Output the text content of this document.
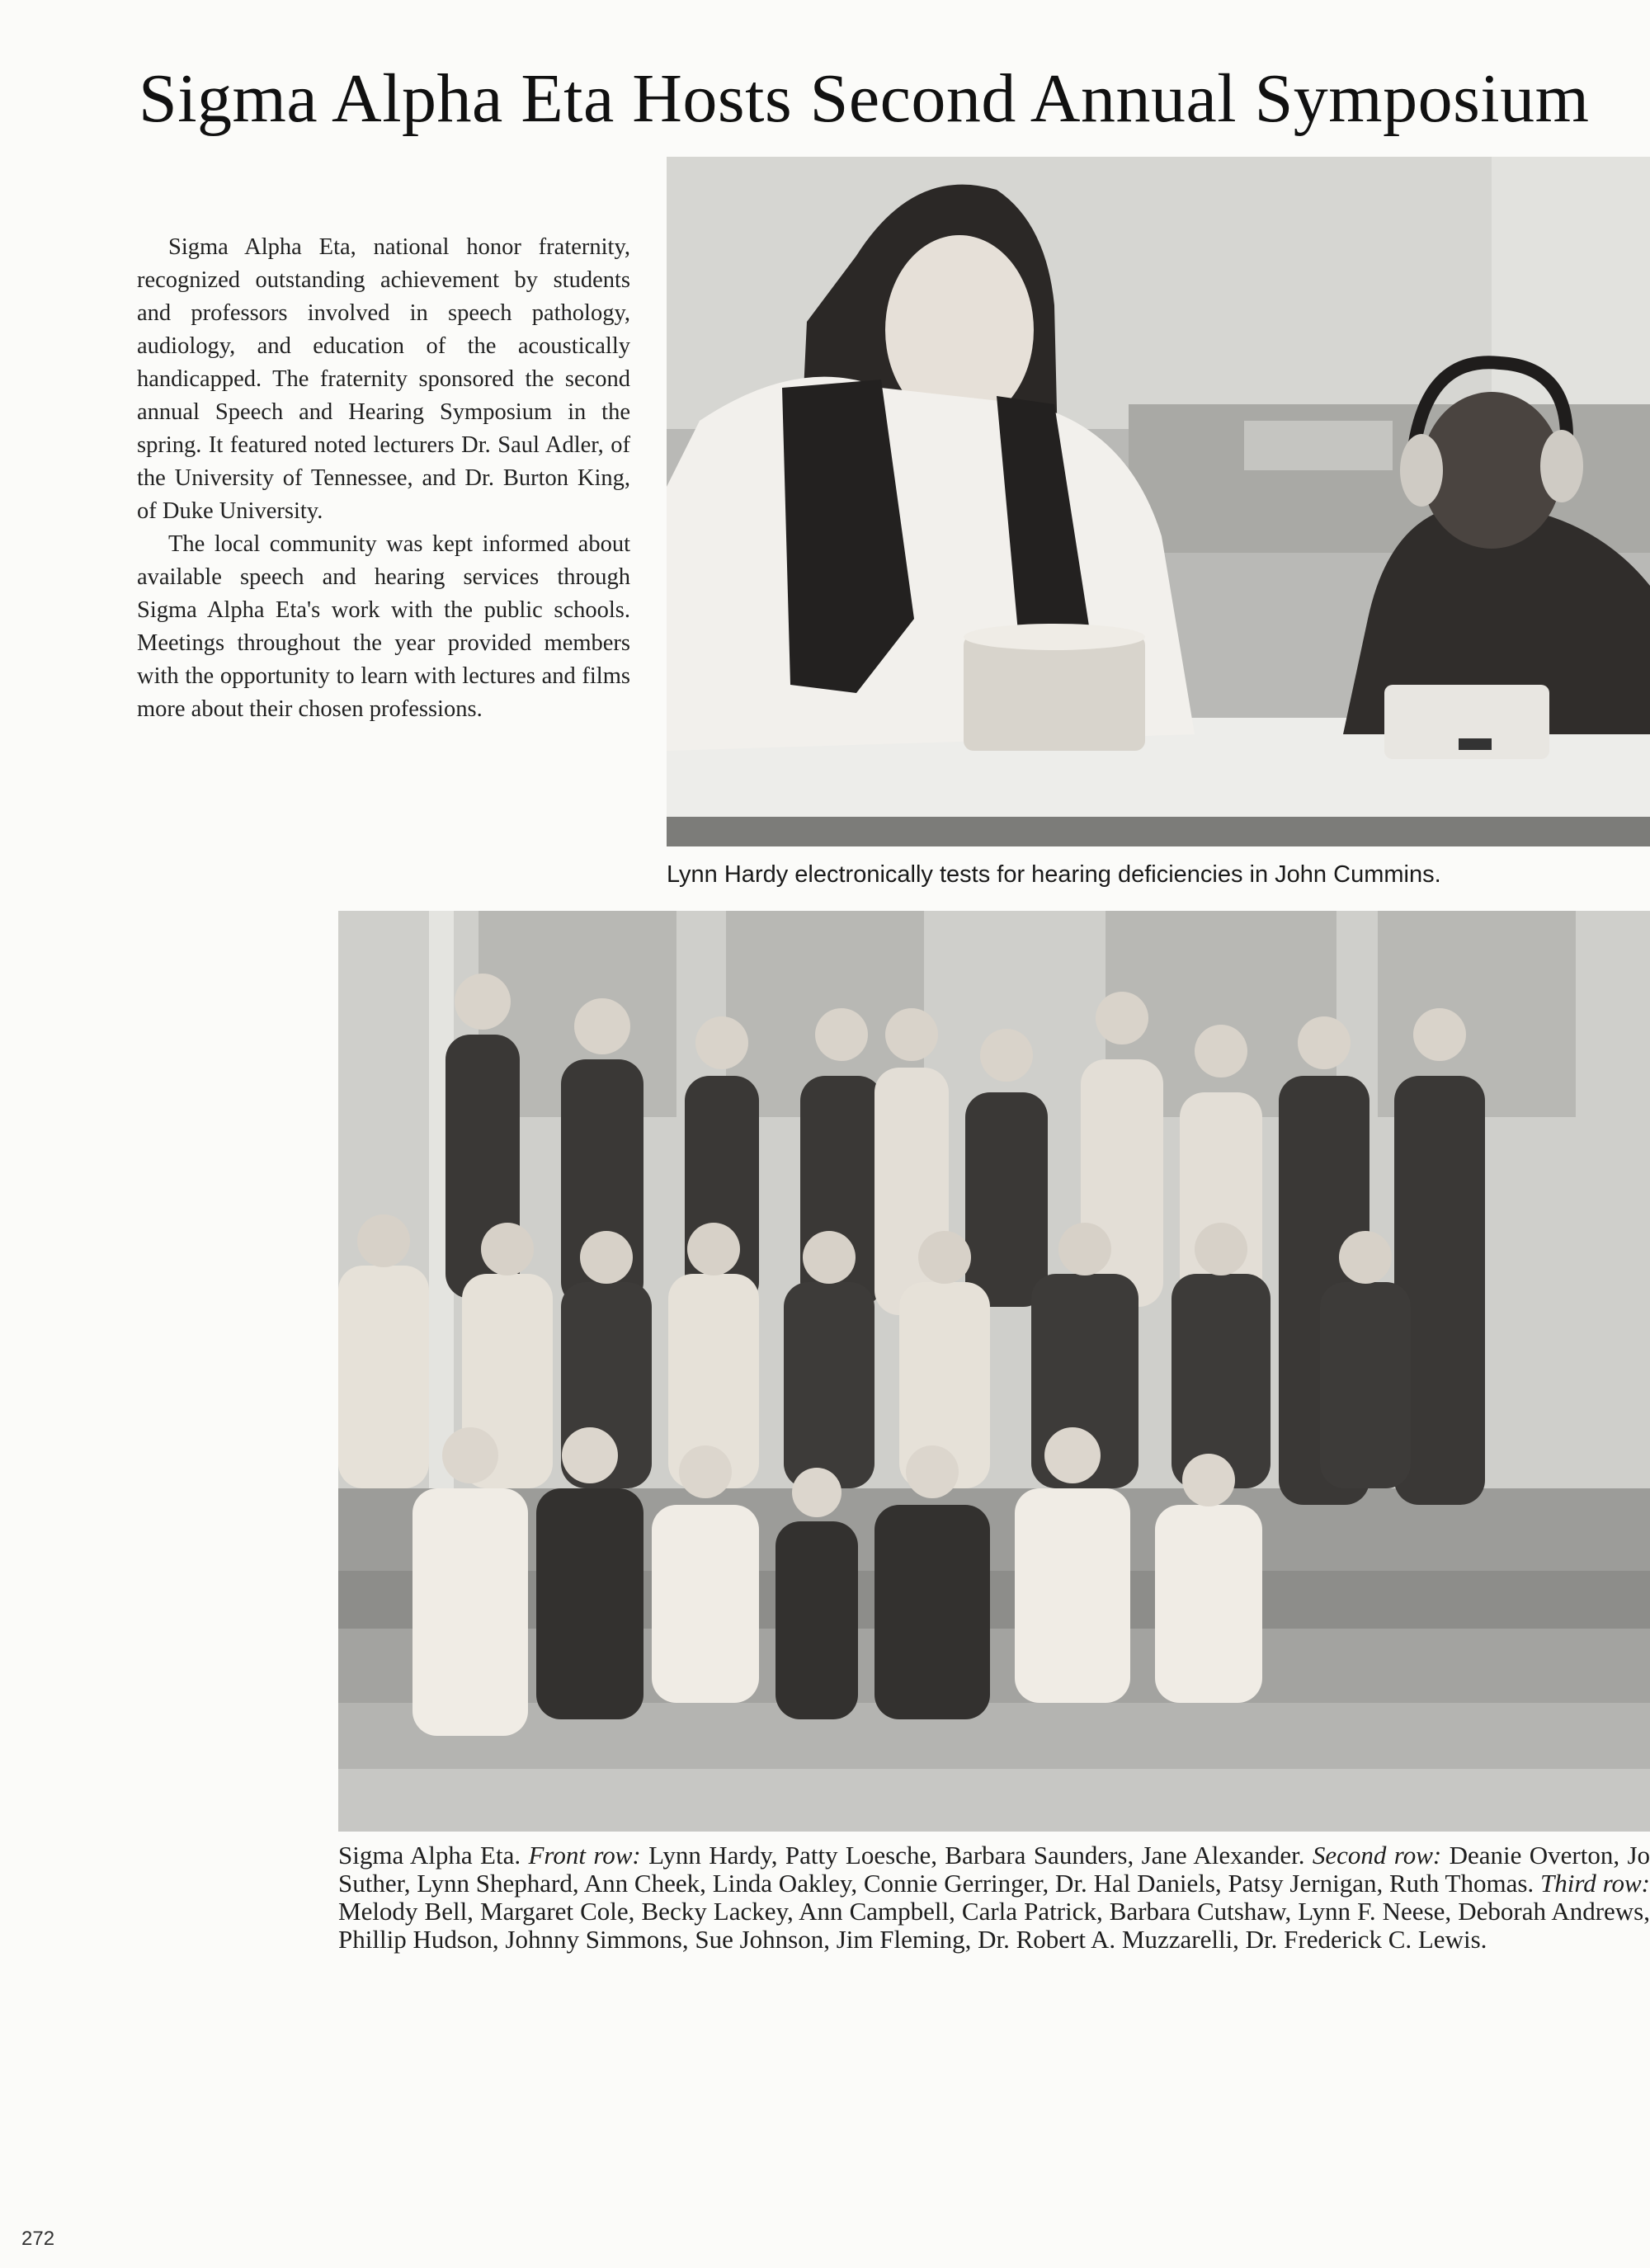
Sigma Alpha Eta Hosts Second Annual Symposium

Sigma Alpha Eta, national honor fraternity, recognized outstanding achievement by students and professors involved in speech pathology, audiology, and education of the acoustically handicapped. The fraternity sponsored the second annual Speech and Hearing Symposium in the spring. It featured noted lecturers Dr. Saul Adler, of the University of Tennessee, and Dr. Burton King, of Duke University.

The local community was kept informed about available speech and hearing services through Sigma Alpha Eta's work with the public schools. Meetings throughout the year provided members with the opportunity to learn with lectures and films more about their chosen professions.

Lynn Hardy electronically tests for hearing deficiencies in John Cummins.
Sigma Alpha Eta. Front row: Lynn Hardy, Patty Loesche, Barbara Saunders, Jane Alexander. Second row: Deanie Overton, Jo Suther, Lynn Shephard, Ann Cheek, Linda Oakley, Connie Gerringer, Dr. Hal Daniels, Patsy Jernigan, Ruth Thomas. Third row: Melody Bell, Margaret Cole, Becky Lackey, Ann Campbell, Carla Patrick, Barbara Cutshaw, Lynn F. Neese, Deborah Andrews, Phillip Hudson, Johnny Simmons, Sue Johnson, Jim Fleming, Dr. Robert A. Muzzarelli, Dr. Frederick C. Lewis.
272
